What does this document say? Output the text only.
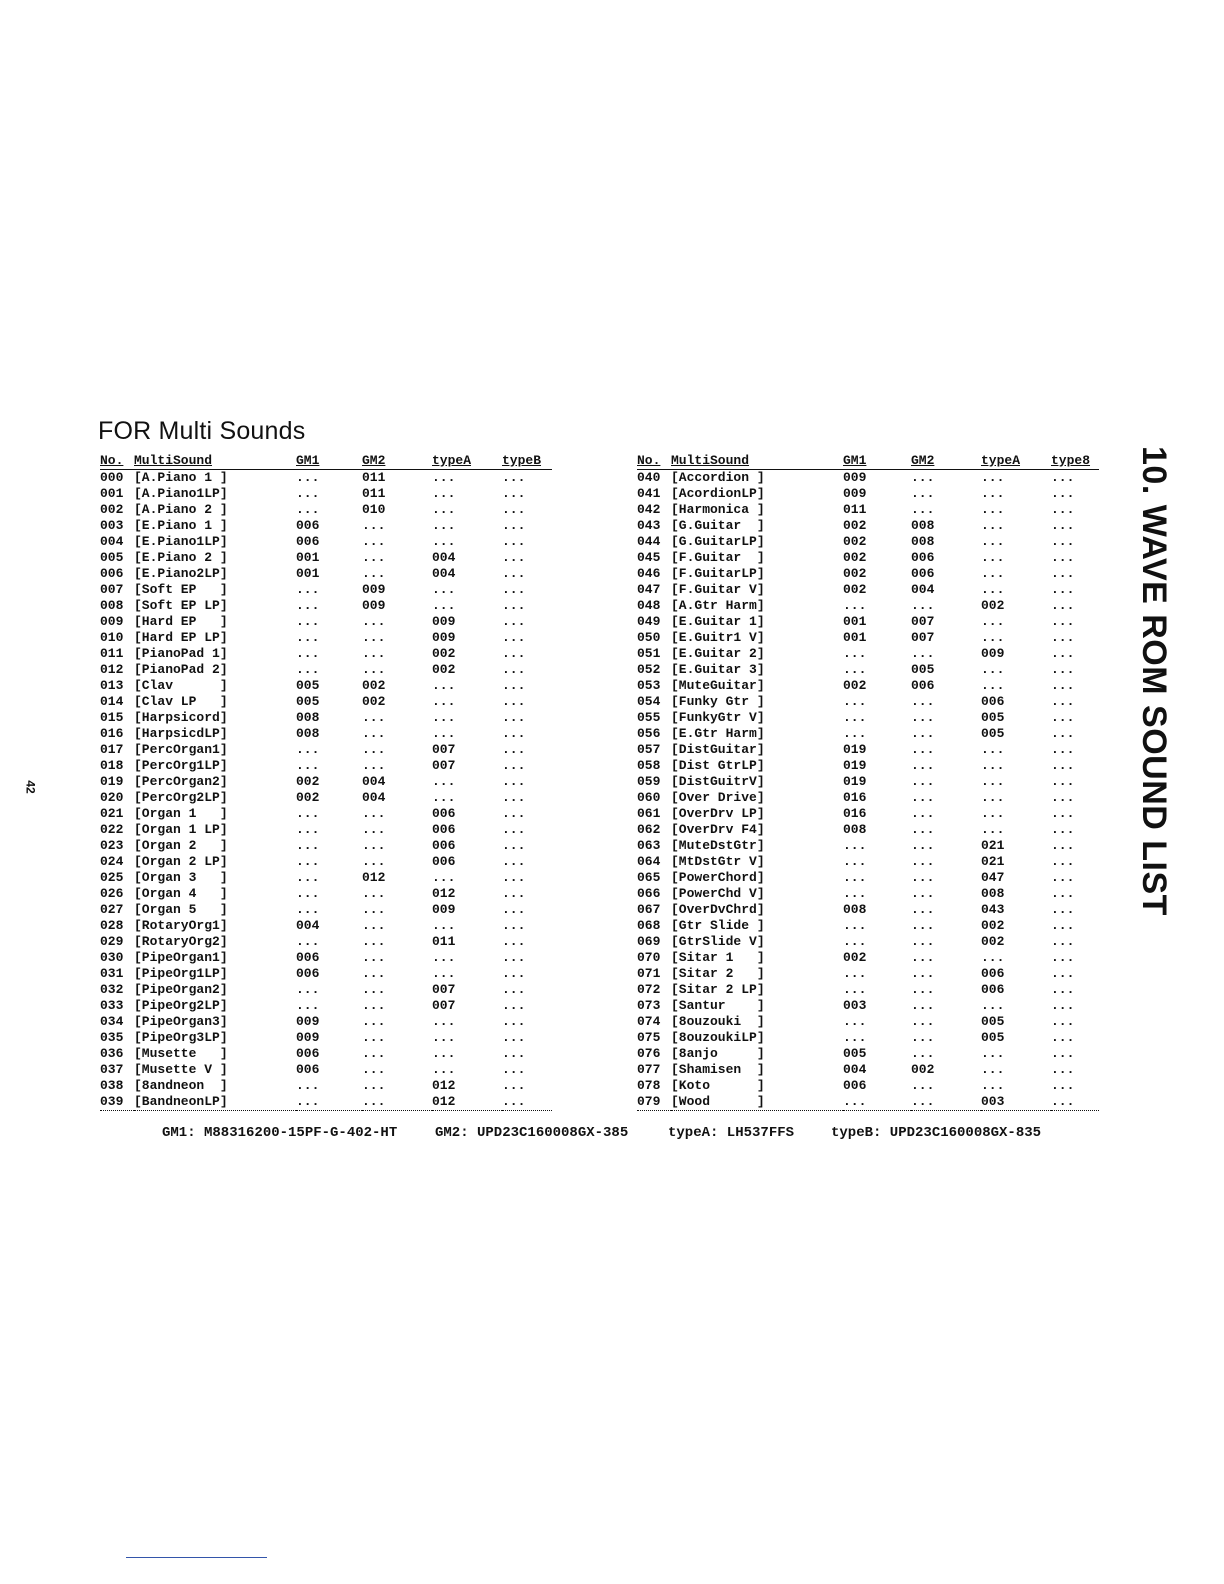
FOR Multi Sounds
No.	MultiSound	GM1	GM2	typeA	typeB
000	[A.Piano 1 ]	...	011	...	...
001	[A.Piano1LP]	...	011	...	...
002	[A.Piano 2 ]	...	010	...	...
003	[E.Piano 1 ]	006	...	...	...
004	[E.Piano1LP]	006	...	...	...
005	[E.Piano 2 ]	001	...	004	...
006	[E.Piano2LP]	001	...	004	...
007	[Soft EP   ]	...	009	...	...
008	[Soft EP LP]	...	009	...	...
009	[Hard EP   ]	...	...	009	...
010	[Hard EP LP]	...	...	009	...
011	[PianoPad 1]	...	...	002	...
012	[PianoPad 2]	...	...	002	...
013	[Clav      ]	005	002	...	...
014	[Clav LP   ]	005	002	...	...
015	[Harpsicord]	008	...	...	...
016	[HarpsicdLP]	008	...	...	...
017	[PercOrgan1]	...	...	007	...
018	[PercOrg1LP]	...	...	007	...
019	[PercOrgan2]	002	004	...	...
020	[PercOrg2LP]	002	004	...	...
021	[Organ 1   ]	...	...	006	...
022	[Organ 1 LP]	...	...	006	...
023	[Organ 2   ]	...	...	006	...
024	[Organ 2 LP]	...	...	006	...
025	[Organ 3   ]	...	012	...	...
026	[Organ 4   ]	...	...	012	...
027	[Organ 5   ]	...	...	009	...
028	[RotaryOrg1]	004	...	...	...
029	[RotaryOrg2]	...	...	011	...
030	[PipeOrgan1]	006	...	...	...
031	[PipeOrg1LP]	006	...	...	...
032	[PipeOrgan2]	...	...	007	...
033	[PipeOrg2LP]	...	...	007	...
034	[PipeOrgan3]	009	...	...	...
035	[PipeOrg3LP]	009	...	...	...
036	[Musette   ]	006	...	...	...
037	[Musette V ]	006	...	...	...
038	[8andneon  ]	...	...	012	...
039	[BandneonLP]	...	...	012	...
No.	MultiSound	GM1	GM2	typeA	type8
040	[Accordion ]	009	...	...	...
041	[AcordionLP]	009	...	...	...
042	[Harmonica ]	011	...	...	...
043	[G.Guitar  ]	002	008	...	...
044	[G.GuitarLP]	002	008	...	...
045	[F.Guitar  ]	002	006	...	...
046	[F.GuitarLP]	002	006	...	...
047	[F.Guitar V]	002	004	...	...
048	[A.Gtr Harm]	...	...	002	...
049	[E.Guitar 1]	001	007	...	...
050	[E.Guitr1 V]	001	007	...	...
051	[E.Guitar 2]	...	...	009	...
052	[E.Guitar 3]	...	005	...	...
053	[MuteGuitar]	002	006	...	...
054	[Funky Gtr ]	...	...	006	...
055	[FunkyGtr V]	...	...	005	...
056	[E.Gtr Harm]	...	...	005	...
057	[DistGuitar]	019	...	...	...
058	[Dist GtrLP]	019	...	...	...
059	[DistGuitrV]	019	...	...	...
060	[Over Drive]	016	...	...	...
061	[OverDrv LP]	016	...	...	...
062	[OverDrv F4]	008	...	...	...
063	[MuteDstGtr]	...	...	021	...
064	[MtDstGtr V]	...	...	021	...
065	[PowerChord]	...	...	047	...
066	[PowerChd V]	...	...	008	...
067	[OverDvChrd]	008	...	043	...
068	[Gtr Slide ]	...	...	002	...
069	[GtrSlide V]	...	...	002	...
070	[Sitar 1   ]	002	...	...	...
071	[Sitar 2   ]	...	...	006	...
072	[Sitar 2 LP]	...	...	006	...
073	[Santur    ]	003	...	...	...
074	[8ouzouki  ]	...	...	005	...
075	[8ouzoukiLP]	...	...	005	...
076	[8anjo     ]	005	...	...	...
077	[Shamisen  ]	004	002	...	...
078	[Koto      ]	006	...	...	...
079	[Wood      ]	...	...	003	...
GM1: M88316200-15PF-G-402-HT	GM2: UPD23C160008GX-385	typeA: LH537FFS	typeB: UPD23C160008GX-835
10. WAVE ROM SOUND LIST
42
